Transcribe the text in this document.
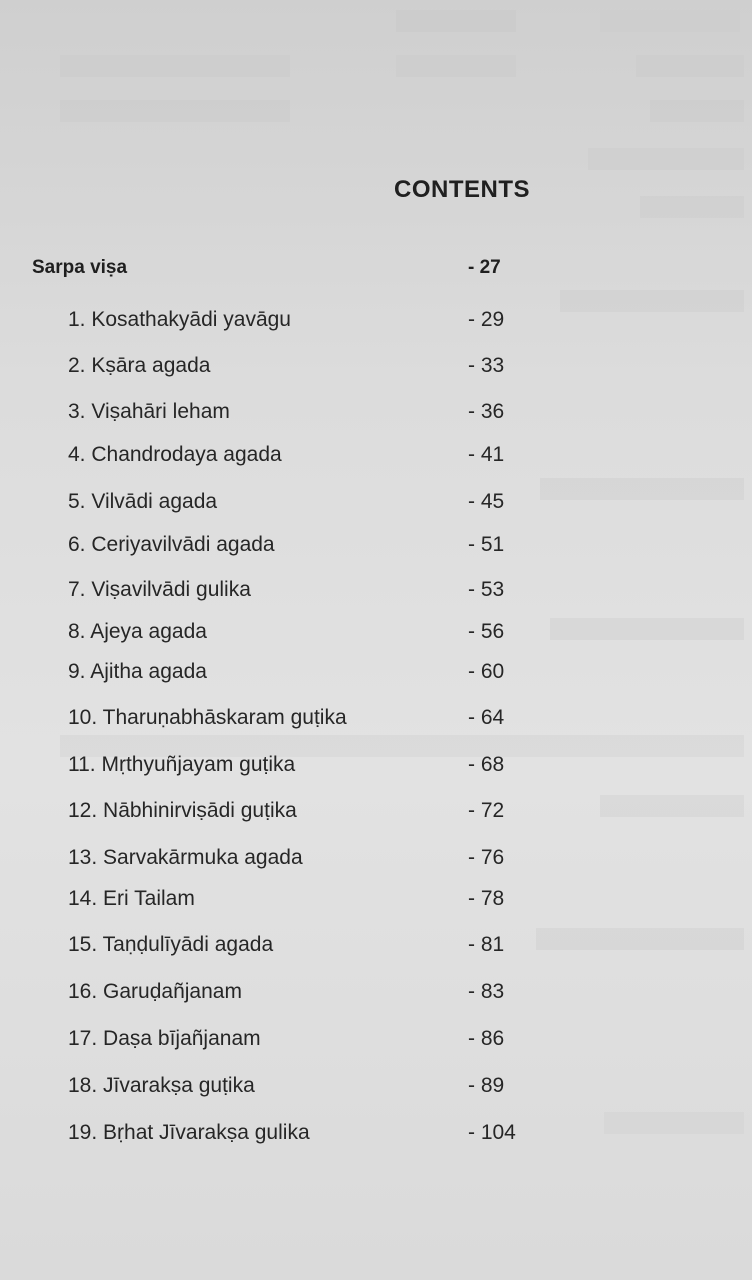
CONTENTS
Sarpa viṣa	- 27
1. Kosathakyādi yavāgu	- 29
2. Kṣāra agada	- 33
3. Viṣahāri leham	- 36
4. Chandrodaya agada	- 41
5. Vilvādi agada	- 45
6. Ceriyavilvādi agada	- 51
7. Viṣavilvādi gulika	- 53
8. Ajeya agada	- 56
9. Ajitha agada	- 60
10. Tharuṇabhāskaram guṭika	- 64
11. Mṛthyuñjayam guṭika	- 68
12. Nābhinirviṣādi guṭika	- 72
13. Sarvakārmuka agada	- 76
14. Eri Tailam	- 78
15. Taṇḍulīyādi agada	- 81
16. Garuḍañjanam	- 83
17. Daṣa bījañjanam	- 86
18. Jīvarakṣa guṭika	- 89
19. Bṛhat Jīvarakṣa gulika	- 104
